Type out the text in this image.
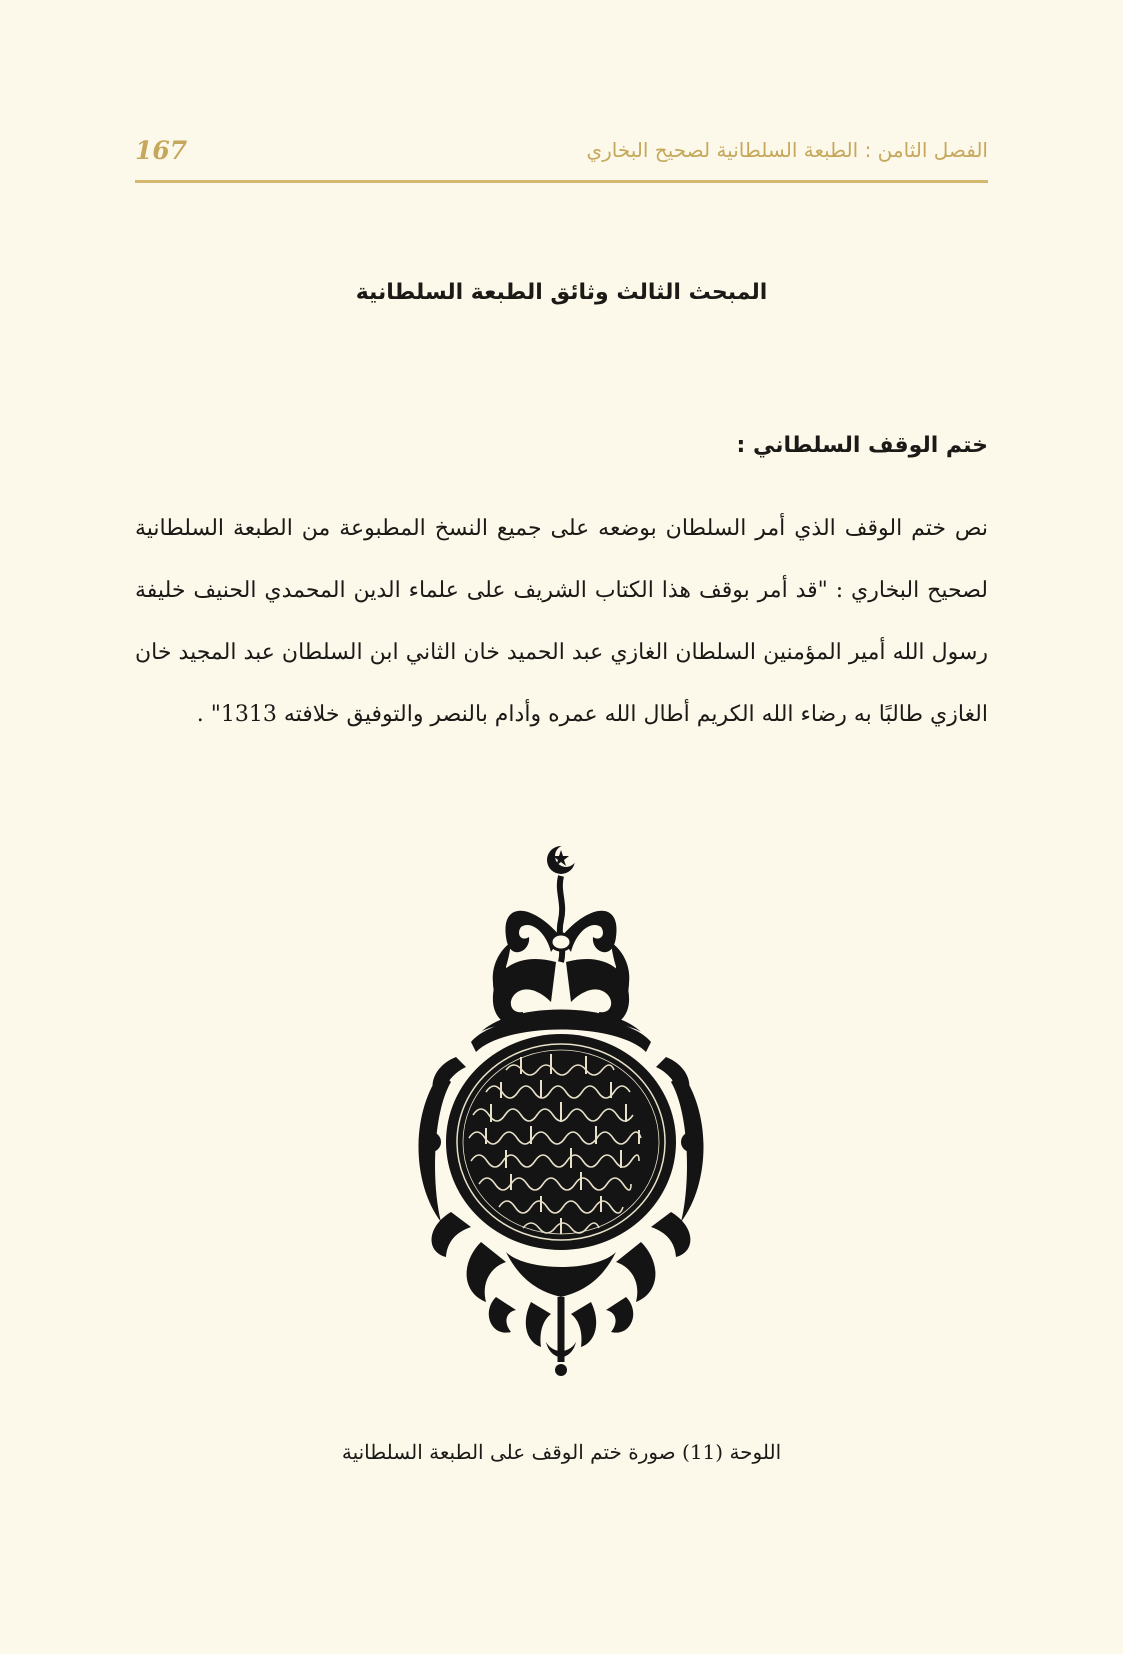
167	الفصل الثامن : الطبعة السلطانية لصحيح البخاري
المبحث الثالث وثائق الطبعة السلطانية
ختم الوقف السلطاني :

نص ختم الوقف الذي أمر السلطان بوضعه على جميع النسخ المطبوعة من الطبعة السلطانية لصحيح البخاري : "قد أمر بوقف هذا الكتاب الشريف على علماء الدين المحمدي الحنيف خليفة رسول الله أمير المؤمنين السلطان الغازي عبد الحميد خان الثاني ابن السلطان عبد المجيد خان الغازي طالبًا به رضاء الله الكريم أطال الله عمره وأدام بالنصر والتوفيق خلافته 1313" .

اللوحة (11) صورة ختم الوقف على الطبعة السلطانية
